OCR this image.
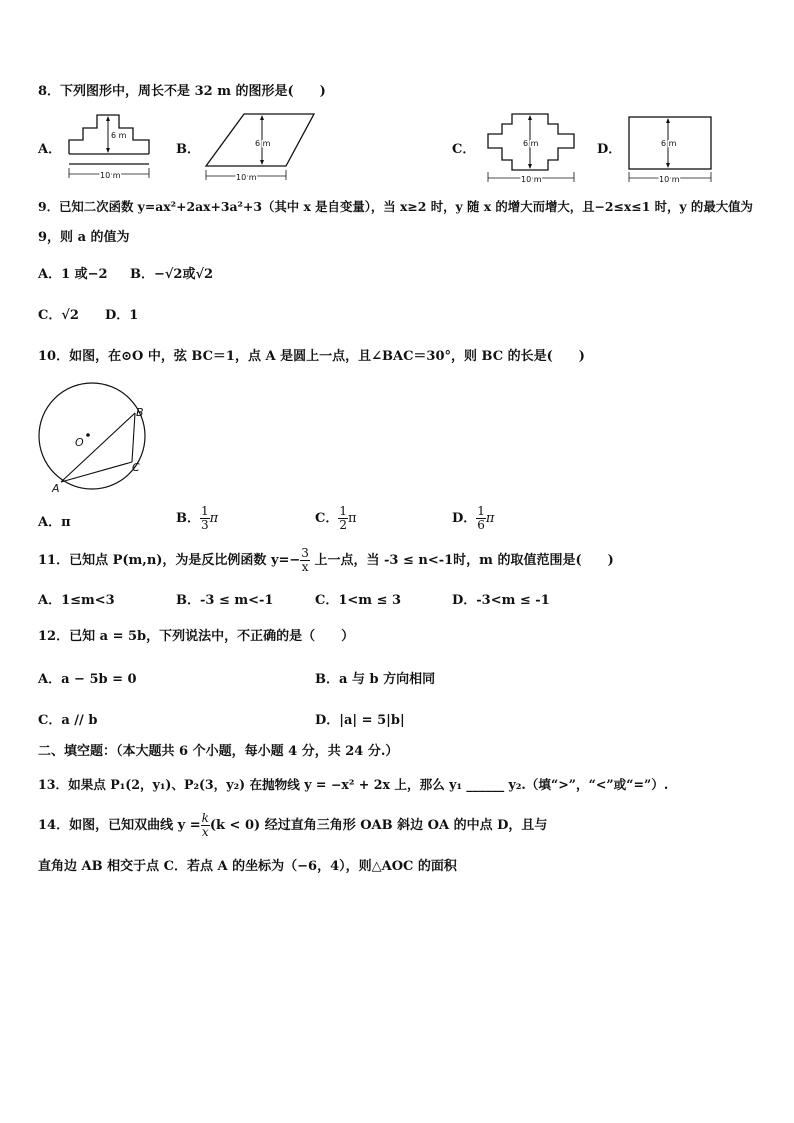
8．下列图形中，周长不是 32 m 的图形是(　　)
A．
6 m
10 m
B．	6 m
10 m
C．	6 m
10 m
D．	6 m
10 m
9．已知二次函数 y=ax²+2ax+3a²+3（其中 x 是自变量），当 x≥2 时，y 随 x 的增大而增大，且−2≤x≤1 时，y 的最大值为
9，则 a 的值为
A．1 或−2 B．−√2或√2
C．√2 D．1
10．如图，在⊙O 中，弦 BC＝1，点 A 是圆上一点，且∠BAC＝30°，则 BC 的长是(　　)
O
A
B
C
A．π	B． $\frac{1}{3}$ π	C． $\frac{1}{2}$ π	D． $\frac{1}{6}$ π
11．已知点 P(m,n)，为是反比例函数 $y=- \frac{3}{x}$ 上一点，当 -3 ≤ n<-1时，m 的取值范围是(　　)
A．1≤m<3	B．-3 ≤ m<-1	C．1<m ≤ 3	D．-3<m ≤ -1
12．已知 a = 5b，下列说法中，不正确的是（　　）
A．a − 5b = 0	B．a 与 b 方向相同
C．a // b	D．|a| = 5|b|
二、填空题：（本大题共 6 个小题，每小题 4 分，共 24 分.）
13．如果点 P₁(2，y₁)、P₂(3，y₂) 在抛物线 y = −x² + 2x 上，那么 y₁ ______ y₂.（填“>”，“<”或“=”）.
14．如图，已知双曲线 $y = \frac{k}{x} (k < 0)$ 经过直角三角形 OAB 斜边 OA 的中点 D，且与
直角边 AB 相交于点 C．若点 A 的坐标为（−6，4），则△AOC 的面积
